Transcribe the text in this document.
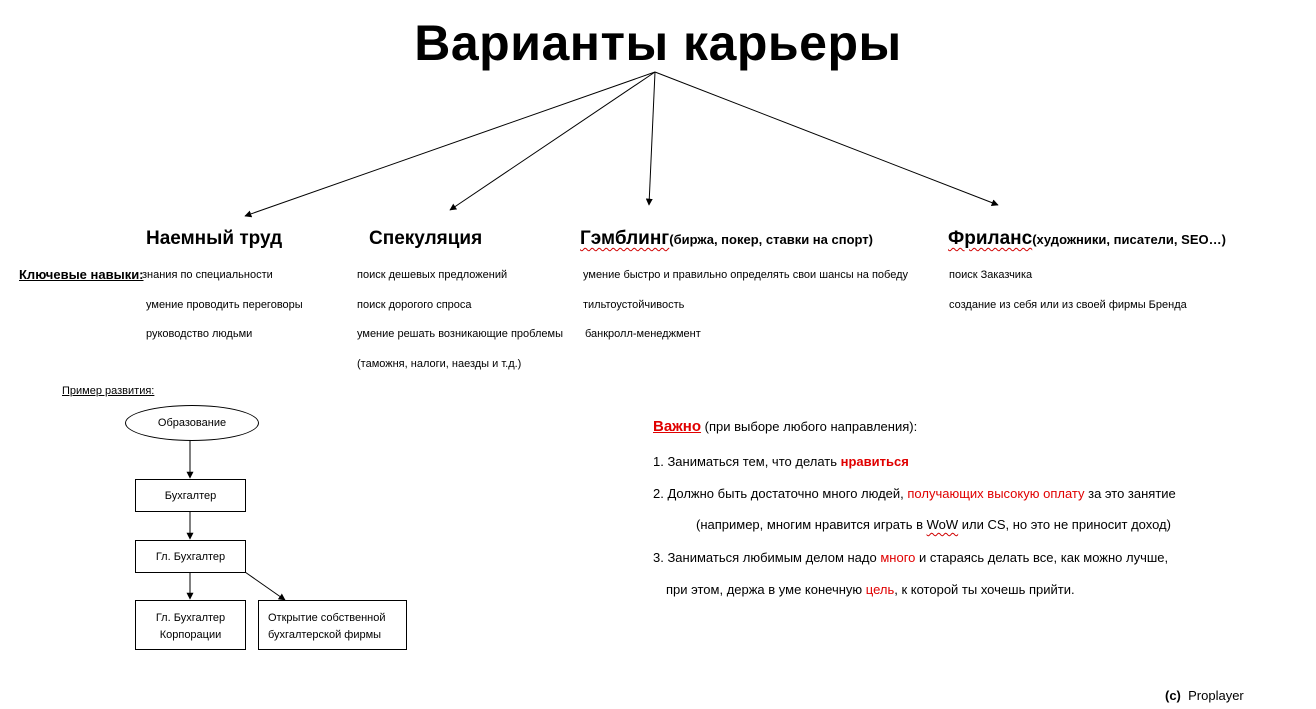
Варианты карьеры
Наемный труд	Спекуляция	Гэмблинг(биржа, покер, ставки на спорт)	Фриланс(художники, писатели, SEO…)
Ключевые навыки:
знания по специальности
умение проводить переговоры
руководство людьми
поиск дешевых предложений
поиск дорогого спроса
умение решать возникающие проблемы
(таможня, налоги, наезды и т.д.)
умение быстро и правильно определять свои шансы на победу
тильтоустойчивость
банкролл-менеджмент
поиск Заказчика
создание из себя или из своей фирмы Бренда
Пример развития:
Образование
Бухгалтер
Гл. Бухгалтер
Гл. Бухгалтер
Корпорации
Открытие собственной
бухгалтерской фирмы
Важно (при выборе любого направления):
1. Заниматься тем, что делать нравиться
2. Должно быть достаточно много людей, получающих высокую оплату за это занятие
(например, многим нравится играть в WoW или CS, но это не приносит доход)
3. Заниматься любимым делом надо много и стараясь делать все, как можно лучше,
при этом, держа в уме конечную цель, к которой ты хочешь прийти.
(c) Proplayer
